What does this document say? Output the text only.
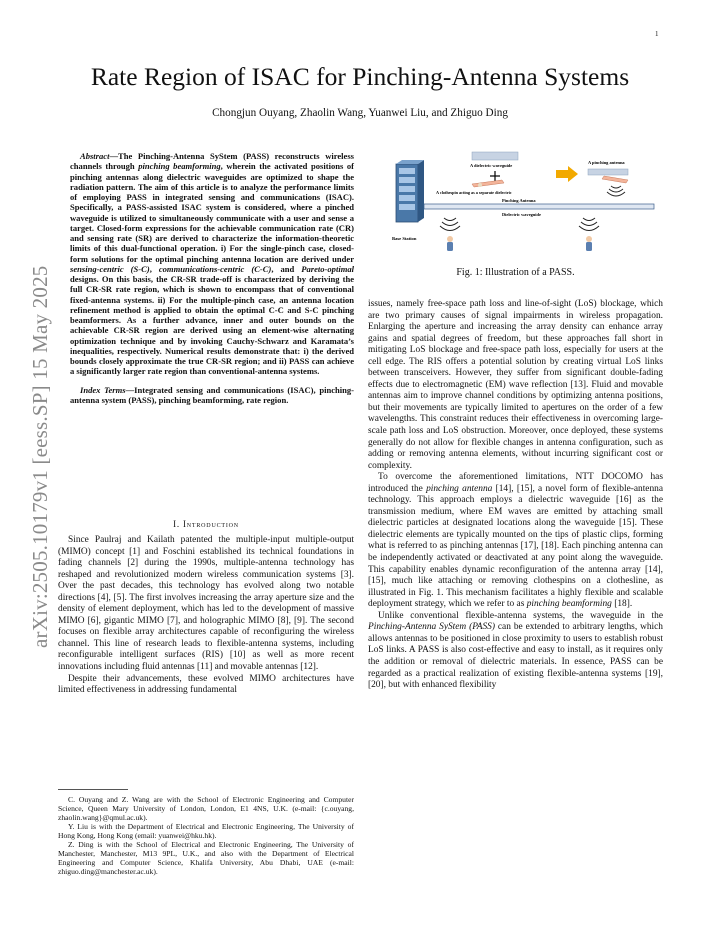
1
arXiv:2505.10179v1 [eess.SP] 15 May 2025
Rate Region of ISAC for Pinching-Antenna Systems
Chongjun Ouyang, Zhaolin Wang, Yuanwei Liu, and Zhiguo Ding

Abstract—The Pinching-Antenna SyStem (PASS) reconstructs wireless channels through pinching beamforming, wherein the activated positions of pinching antennas along dielectric waveguides are optimized to shape the radiation pattern. The aim of this article is to analyze the performance limits of employing PASS in integrated sensing and communications (ISAC). Specifically, a PASS-assisted ISAC system is considered, where a pinched waveguide is utilized to simultaneously communicate with a user and sense a target. Closed-form expressions for the achievable communication rate (CR) and sensing rate (SR) are derived to characterize the information-theoretic limits of this dual-functional operation. i) For the single-pinch case, closed-form solutions for the optimal pinching antenna location are derived under sensing-centric (S-C), communications-centric (C-C), and Pareto-optimal designs. On this basis, the CR-SR trade-off is characterized by deriving the full CR-SR rate region, which is shown to encompass that of conventional fixed-antenna systems. ii) For the multiple-pinch case, an antenna location refinement method is applied to obtain the optimal C-C and S-C pinching beamformers. As a further advance, inner and outer bounds on the achievable CR-SR region are derived using an element-wise alternating optimization technique and by invoking Cauchy-Schwarz and Karamata’s inequalities, respectively. Numerical results demonstrate that: i) the derived bounds closely approximate the true CR-SR region; and ii) PASS can achieve a significantly larger rate region than conventional-antenna systems.

Index Terms—Integrated sensing and communications (ISAC), pinching-antenna system (PASS), pinching beamforming, rate region.

I. Introduction

Since Paulraj and Kailath patented the multiple-input multiple-output (MIMO) concept [1] and Foschini established its technical foundations in fading channels [2] during the 1990s, multiple-antenna technology has reshaped and revolutionized modern wireless communication systems [3]. Over the past decades, this technology has evolved along two notable directions [4], [5]. The first involves increasing the array aperture size and the density of element deployment, which has led to the development of massive MIMO [6], gigantic MIMO [7], and holographic MIMO [8], [9]. The second focuses on flexible array architectures capable of reconfiguring the wireless channel. This line of research leads to flexible-antenna systems, including reconfigurable intelligent surfaces (RIS) [10] as well as more recent innovations including fluid antennas [11] and movable antennas [12].

Despite their advancements, these evolved MIMO architectures have limited effectiveness in addressing fundamental

C. Ouyang and Z. Wang are with the School of Electronic Engineering and Computer Science, Queen Mary University of London, London, E1 4NS, U.K. (e-mail: {c.ouyang, zhaolin.wang}@qmul.ac.uk).

Y. Liu is with the Department of Electrical and Electronic Engineering, The University of Hong Kong, Hong Kong (email: yuanwei@hku.hk).

Z. Ding is with the School of Electrical and Electronic Engineering, The University of Manchester, Manchester, M13 9PL, U.K., and also with the Department of Electrical Engineering and Computer Science, Khalifa University, Abu Dhabi, UAE (e-mail: zhiguo.ding@manchester.ac.uk).

Base Station
A dielectric waveguide
A clothespin acting as a separate dielectric
A pinching antenna
Pinching Antenna
Dielectric waveguide
Fig. 1: Illustration of a PASS.

issues, namely free-space path loss and line-of-sight (LoS) blockage, which are two primary causes of signal impairments in wireless propagation. Enlarging the aperture and increasing the array density can enhance array gains and spatial degrees of freedom, but these approaches fall short in mitigating LoS blockage and free-space path loss, especially for users at the cell edge. The RIS offers a potential solution by creating virtual LoS links between transceivers. However, they suffer from significant double-fading effects due to electromagnetic (EM) wave reflection [13]. Fluid and movable antennas aim to improve channel conditions by optimizing antenna positions, but their movements are typically limited to apertures on the order of a few wavelengths. This constraint reduces their effectiveness in overcoming large-scale path loss and LoS obstruction. Moreover, once deployed, these systems generally do not allow for flexible changes in antenna configuration, such as adding or removing antenna elements, without incurring significant cost or complexity.

To overcome the aforementioned limitations, NTT DOCOMO has introduced the pinching antenna [14], [15], a novel form of flexible-antenna technology. This approach employs a dielectric waveguide [16] as the transmission medium, where EM waves are emitted by attaching small dielectric particles at designated locations along the waveguide [15]. These dielectric elements are typically mounted on the tips of plastic clips, forming what is referred to as pinching antennas [17], [18]. Each pinching antenna can be independently activated or deactivated at any point along the waveguide. This capability enables dynamic reconfiguration of the antenna array [14], [15], much like attaching or removing clothespins on a clothesline, as illustrated in Fig. 1. This mechanism facilitates a highly flexible and scalable deployment strategy, which we refer to as pinching beamforming [18].

Unlike conventional flexible-antenna systems, the waveguide in the Pinching-Antenna SyStem (PASS) can be extended to arbitrary lengths, which allows antennas to be positioned in close proximity to users to establish robust LoS links. A PASS is also cost-effective and easy to install, as it requires only the addition or removal of dielectric materials. In essence, PASS can be regarded as a practical realization of existing flexible-antenna systems [19], [20], but with enhanced flexibility
